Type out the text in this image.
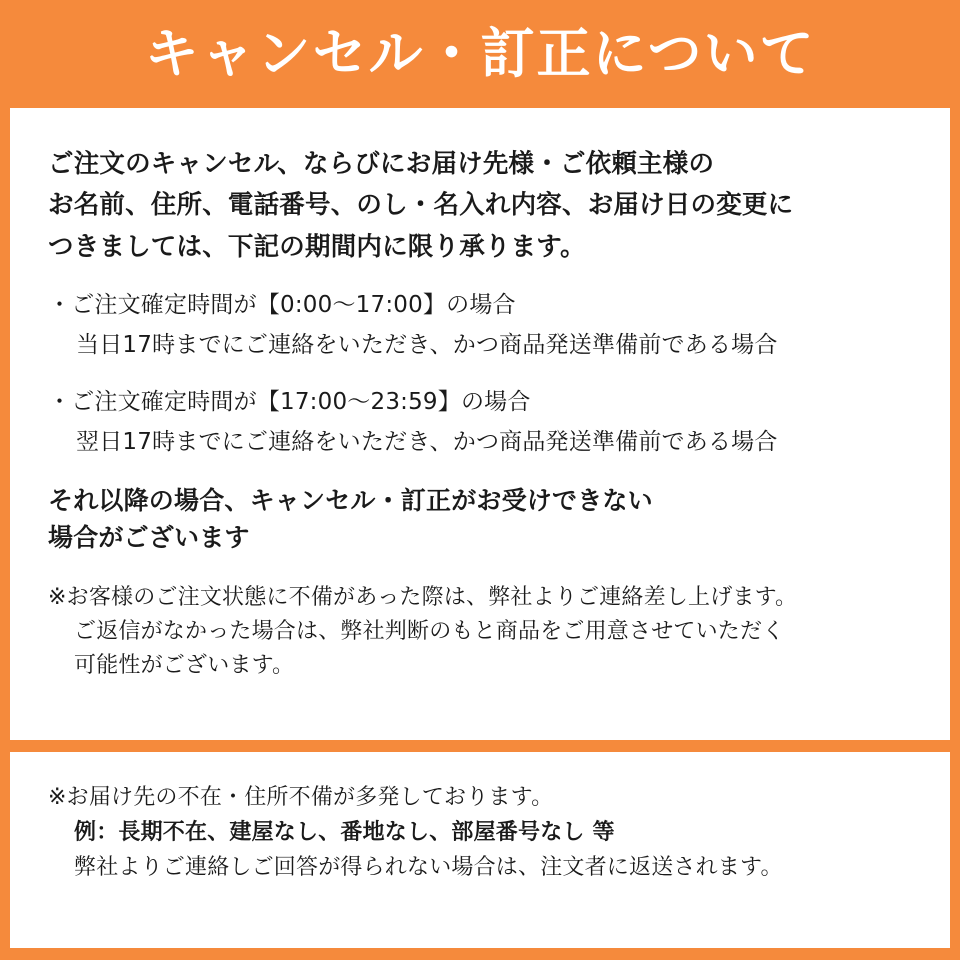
キャンセル・訂正について
ご注文のキャンセル、ならびにお届け先様・ご依頼主様の
お名前、住所、電話番号、のし・名入れ内容、お届け日の変更に
つきましては、下記の期間内に限り承ります。
・ご注文確定時間が【0:00〜17:00】の場合
当日17時までにご連絡をいただき、かつ商品発送準備前である場合
・ご注文確定時間が【17:00〜23:59】の場合
翌日17時までにご連絡をいただき、かつ商品発送準備前である場合
それ以降の場合、キャンセル・訂正がお受けできない
場合がございます
※お客様のご注文状態に不備があった際は、弊社よりご連絡差し上げます。
ご返信がなかった場合は、弊社判断のもと商品をご用意させていただく
可能性がございます。
※お届け先の不在・住所不備が多発しております。
例：長期不在、建屋なし、番地なし、部屋番号なし 等
弊社よりご連絡しご回答が得られない場合は、注文者に返送されます。
